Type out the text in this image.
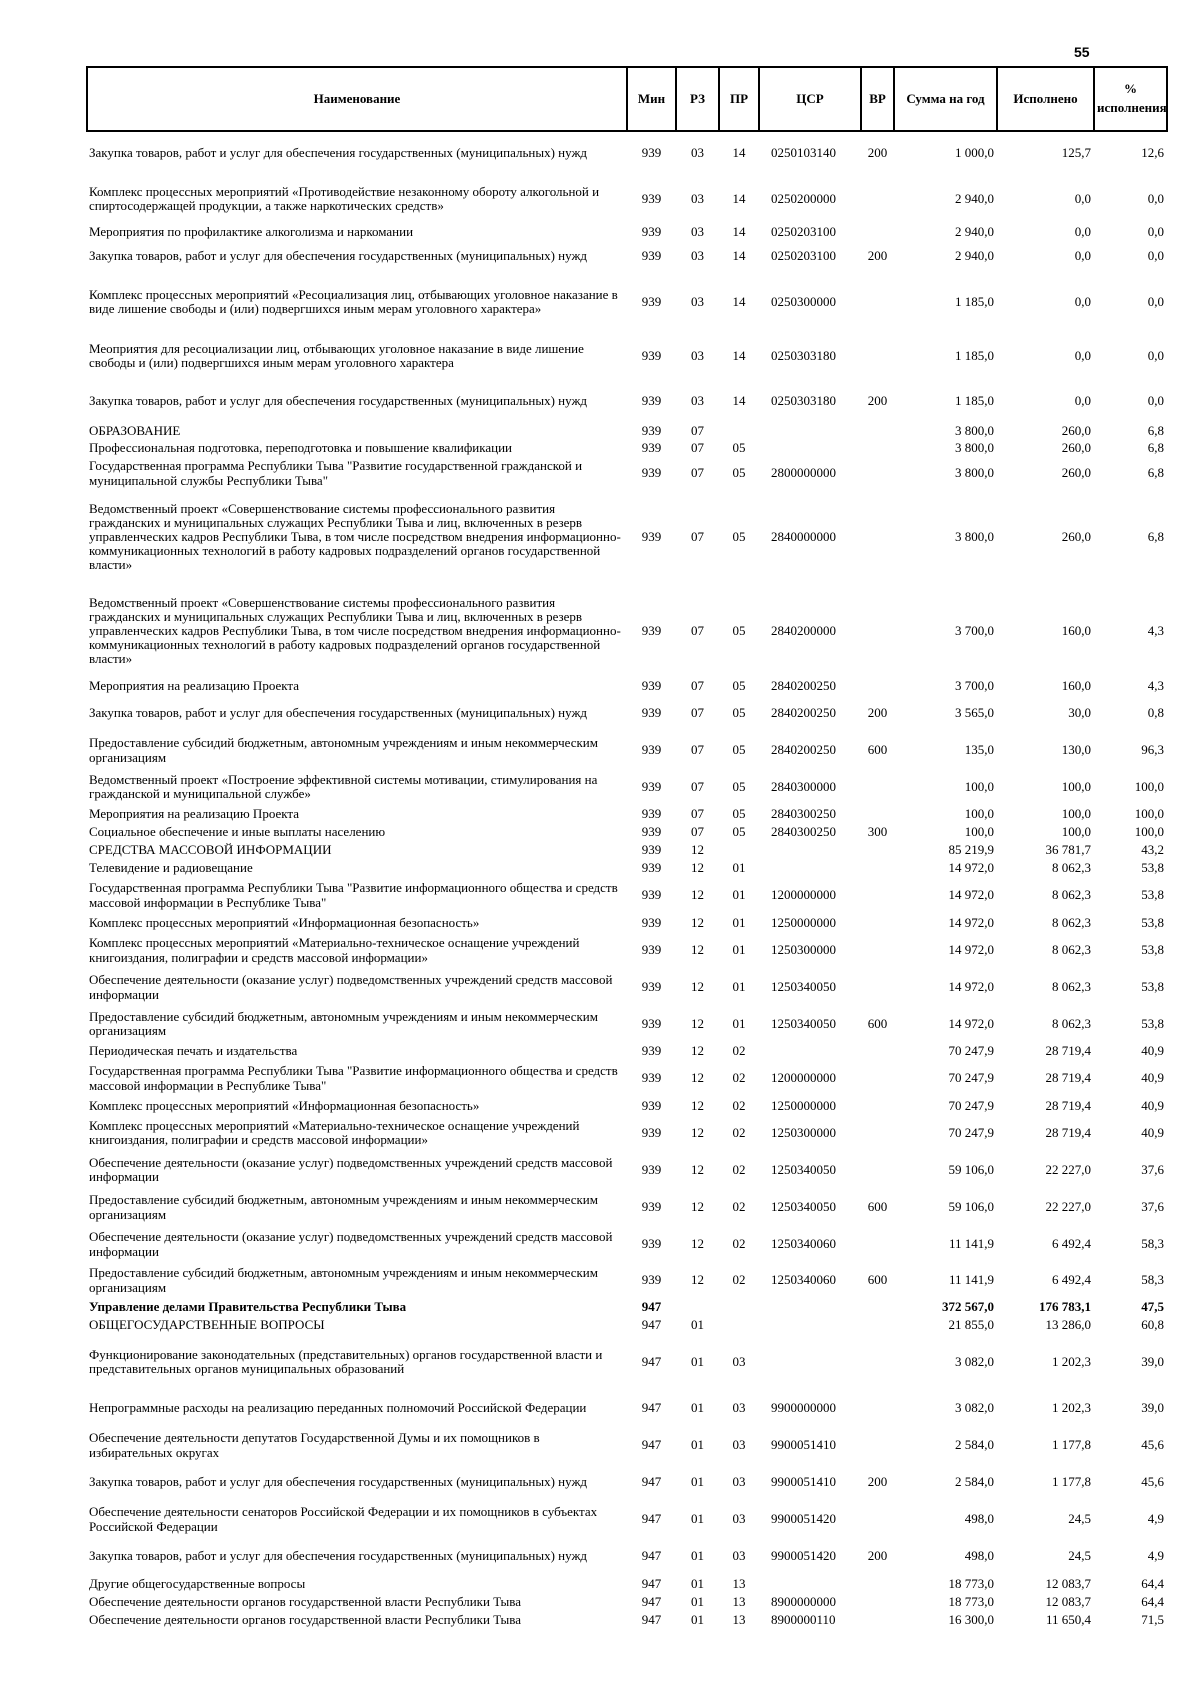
55
Наименование	Мин	РЗ	ПР	ЦСР	ВР	Сумма на год	Исполнено	% исполнения
Закупка товаров, работ и услуг для обеспечения государственных (муниципальных) нужд	939	03	14	0250103140	200	1 000,0	125,7	12,6
Комплекс процессных мероприятий «Противодействие незаконному обороту алкогольной и спиртосодержащей продукции, а также наркотических средств»	939	03	14	0250200000		2 940,0	0,0	0,0
Мероприятия по профилактике алкоголизма и наркомании	939	03	14	0250203100		2 940,0	0,0	0,0
Закупка товаров, работ и услуг для обеспечения государственных (муниципальных) нужд	939	03	14	0250203100	200	2 940,0	0,0	0,0
Комплекс процессных мероприятий «Ресоциализация лиц, отбывающих уголовное наказание в виде лишение свободы и (или) подвергшихся иным мерам уголовного характера»	939	03	14	0250300000		1 185,0	0,0	0,0
Меоприятия для ресоциализации лиц, отбывающих уголовное наказание в виде лишение свободы и (или) подвергшихся иным мерам уголовного характера	939	03	14	0250303180		1 185,0	0,0	0,0
Закупка товаров, работ и услуг для обеспечения государственных (муниципальных) нужд	939	03	14	0250303180	200	1 185,0	0,0	0,0
ОБРАЗОВАНИЕ	939	07				3 800,0	260,0	6,8
Профессиональная подготовка, переподготовка и повышение квалификации	939	07	05			3 800,0	260,0	6,8
Государственная программа Республики Тыва "Развитие государственной гражданской и муниципальной службы Республики Тыва"	939	07	05	2800000000		3 800,0	260,0	6,8
Ведомственный проект «Совершенствование системы профессионального развития гражданских и муниципальных служащих Республики Тыва и лиц, включенных в резерв управленческих кадров Республики Тыва, в том числе посредством внедрения информационно-коммуникационных технологий в работу кадровых подразделений органов государственной власти»	939	07	05	2840000000		3 800,0	260,0	6,8
Ведомственный проект «Совершенствование системы профессионального развития гражданских и муниципальных служащих Республики Тыва и лиц, включенных в резерв управленческих кадров Республики Тыва, в том числе посредством внедрения информационно-коммуникационных технологий в работу кадровых подразделений органов государственной власти»	939	07	05	2840200000		3 700,0	160,0	4,3
Мероприятия на реализацию Проекта	939	07	05	2840200250		3 700,0	160,0	4,3
Закупка товаров, работ и услуг для обеспечения государственных (муниципальных) нужд	939	07	05	2840200250	200	3 565,0	30,0	0,8
Предоставление субсидий бюджетным, автономным учреждениям и иным некоммерческим организациям	939	07	05	2840200250	600	135,0	130,0	96,3
Ведомственный проект «Построение эффективной системы мотивации, стимулирования на гражданской и муниципальной службе»	939	07	05	2840300000		100,0	100,0	100,0
Мероприятия на реализацию Проекта	939	07	05	2840300250		100,0	100,0	100,0
Социальное обеспечение и иные выплаты населению	939	07	05	2840300250	300	100,0	100,0	100,0
СРЕДСТВА МАССОВОЙ ИНФОРМАЦИИ	939	12				85 219,9	36 781,7	43,2
Телевидение и радиовещание	939	12	01			14 972,0	8 062,3	53,8
Государственная программа Республики Тыва "Развитие информационного общества и средств массовой информации в Республике Тыва"	939	12	01	1200000000		14 972,0	8 062,3	53,8
Комплекс процессных мероприятий «Информационная безопасность»	939	12	01	1250000000		14 972,0	8 062,3	53,8
Комплекс процессных мероприятий «Материально-техническое оснащение учреждений книгоиздания, полиграфии и средств массовой информации»	939	12	01	1250300000		14 972,0	8 062,3	53,8
Обеспечение деятельности (оказание услуг) подведомственных учреждений средств массовой информации	939	12	01	1250340050		14 972,0	8 062,3	53,8
Предоставление субсидий бюджетным, автономным учреждениям и иным некоммерческим организациям	939	12	01	1250340050	600	14 972,0	8 062,3	53,8
Периодическая печать и издательства	939	12	02			70 247,9	28 719,4	40,9
Государственная программа Республики Тыва "Развитие информационного общества и средств массовой информации в Республике Тыва"	939	12	02	1200000000		70 247,9	28 719,4	40,9
Комплекс процессных мероприятий «Информационная безопасность»	939	12	02	1250000000		70 247,9	28 719,4	40,9
Комплекс процессных мероприятий «Материально-техническое оснащение учреждений книгоиздания, полиграфии и средств массовой информации»	939	12	02	1250300000		70 247,9	28 719,4	40,9
Обеспечение деятельности (оказание услуг) подведомственных учреждений средств массовой информации	939	12	02	1250340050		59 106,0	22 227,0	37,6
Предоставление субсидий бюджетным, автономным учреждениям и иным некоммерческим организациям	939	12	02	1250340050	600	59 106,0	22 227,0	37,6
Обеспечение деятельности (оказание услуг) подведомственных учреждений средств массовой информации	939	12	02	1250340060		11 141,9	6 492,4	58,3
Предоставление субсидий бюджетным, автономным учреждениям и иным некоммерческим организациям	939	12	02	1250340060	600	11 141,9	6 492,4	58,3
Управление делами Правительства Республики Тыва	947					372 567,0	176 783,1	47,5
ОБЩЕГОСУДАРСТВЕННЫЕ ВОПРОСЫ	947	01				21 855,0	13 286,0	60,8
Функционирование законодательных (представительных) органов государственной власти и представительных органов муниципальных образований	947	01	03			3 082,0	1 202,3	39,0
Непрограммные расходы на реализацию переданных полномочий Российской Федерации	947	01	03	9900000000		3 082,0	1 202,3	39,0
Обеспечение деятельности депутатов Государственной Думы и их помощников в избирательных округах	947	01	03	9900051410		2 584,0	1 177,8	45,6
Закупка товаров, работ и услуг для обеспечения государственных (муниципальных) нужд	947	01	03	9900051410	200	2 584,0	1 177,8	45,6
Обеспечение деятельности сенаторов Российской Федерации и их помощников в субъектах Российской Федерации	947	01	03	9900051420		498,0	24,5	4,9
Закупка товаров, работ и услуг для обеспечения государственных (муниципальных) нужд	947	01	03	9900051420	200	498,0	24,5	4,9
Другие общегосударственные вопросы	947	01	13			18 773,0	12 083,7	64,4
Обеспечение деятельности органов государственной власти Республики Тыва	947	01	13	8900000000		18 773,0	12 083,7	64,4
Обеспечение деятельности органов государственной власти Республики Тыва	947	01	13	8900000110		16 300,0	11 650,4	71,5
